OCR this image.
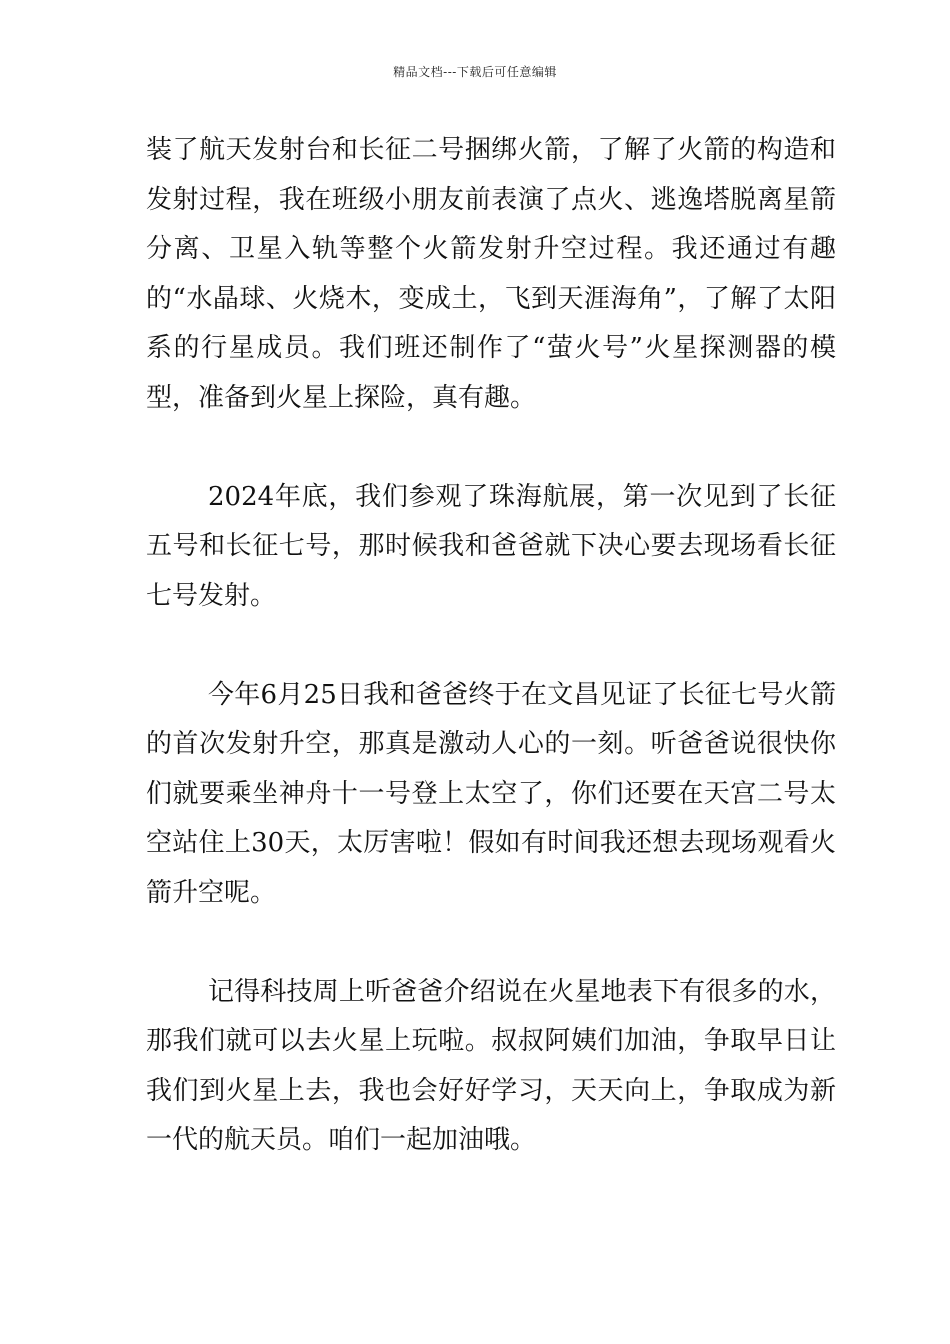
精品文档---下载后可任意编辑

装了航天发射台和长征二号捆绑火箭，了解了火箭的构造和发射过程，我在班级小朋友前表演了点火、逃逸塔脱离星箭分离、卫星入轨等整个火箭发射升空过程。我还通过有趣的“水晶球、火烧木，变成土，飞到天涯海角”，了解了太阳系的行星成员。我们班还制作了“萤火号”火星探测器的模型，准备到火星上探险，真有趣。

2024年底，我们参观了珠海航展，第一次见到了长征五号和长征七号，那时候我和爸爸就下决心要去现场看长征七号发射。

今年6月25日我和爸爸终于在文昌见证了长征七号火箭的首次发射升空，那真是激动人心的一刻。听爸爸说很快你们就要乘坐神舟十一号登上太空了，你们还要在天宫二号太空站住上30天，太厉害啦！假如有时间我还想去现场观看火箭升空呢。

记得科技周上听爸爸介绍说在火星地表下有很多的水，那我们就可以去火星上玩啦。叔叔阿姨们加油，争取早日让我们到火星上去，我也会好好学习，天天向上，争取成为新一代的航天员。咱们一起加油哦。
